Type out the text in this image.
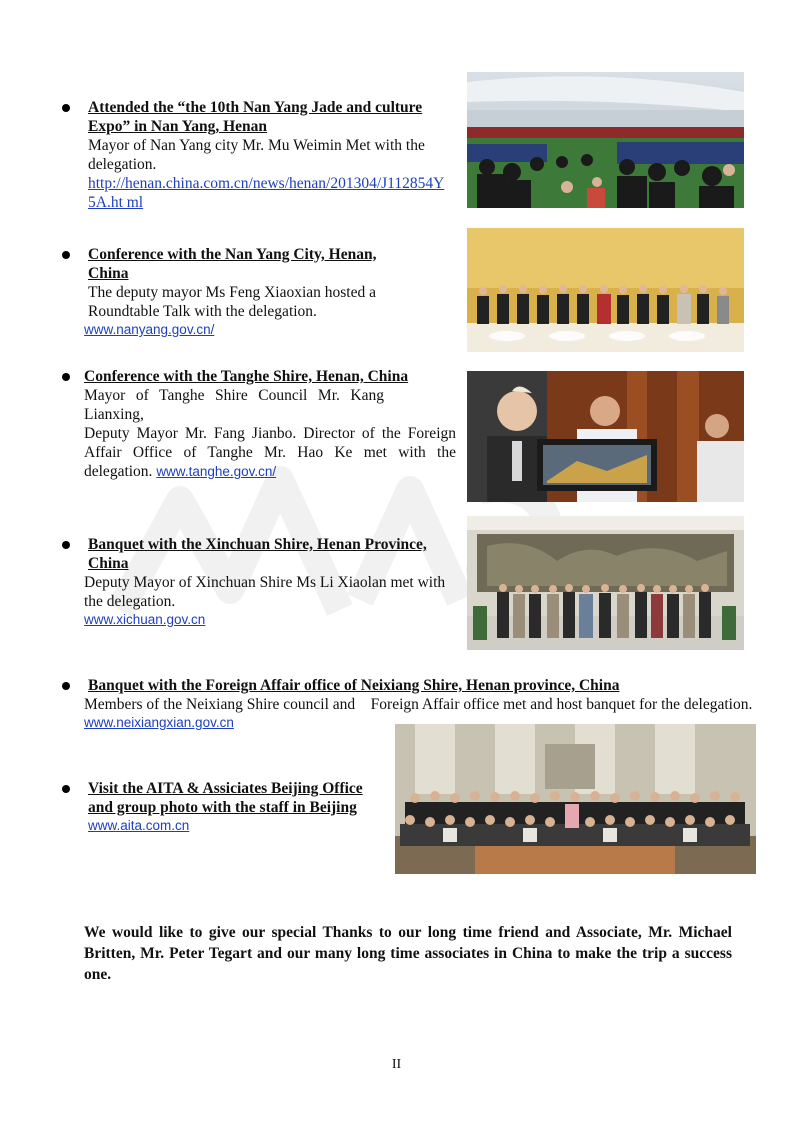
Attended the “the 10th Nan Yang Jade and culture Expo” in Nan Yang, Henan
Mayor of Nan Yang city Mr. Mu Weimin Met with the delegation.
http://henan.china.com.cn/news/henan/201304/J112854Y5A.ht ml
Conference with the Nan Yang City, Henan, China
The deputy mayor Ms Feng Xiaoxian hosted a Roundtable Talk with the delegation.
www.nanyang.gov.cn/
Conference with the Tanghe Shire, Henan, China
Mayor of Tanghe Shire Council Mr. Kang Lianxing,
Deputy Mayor Mr. Fang Jianbo. Director of the Foreign Affair Office of Tanghe Mr. Hao Ke met with the delegation. www.tanghe.gov.cn/
Banquet with the Xinchuan Shire, Henan Province, China
Deputy Mayor of Xinchuan Shire Ms Li Xiaolan met with the delegation.
www.xichuan.gov.cn
Banquet with the Foreign Affair office of Neixiang Shire, Henan province, China
Members of the Neixiang Shire council and    Foreign Affair office met and host banquet for the delegation.
www.neixiangxian.gov.cn
Visit the AITA & Assiciates Beijing Office and group photo with the staff in Beijing
www.aita.com.cn
We would like to give our special Thanks to our long time friend and Associate, Mr. Michael Britten, Mr. Peter Tegart and our many long time associates in China to make the trip a success one.
II
